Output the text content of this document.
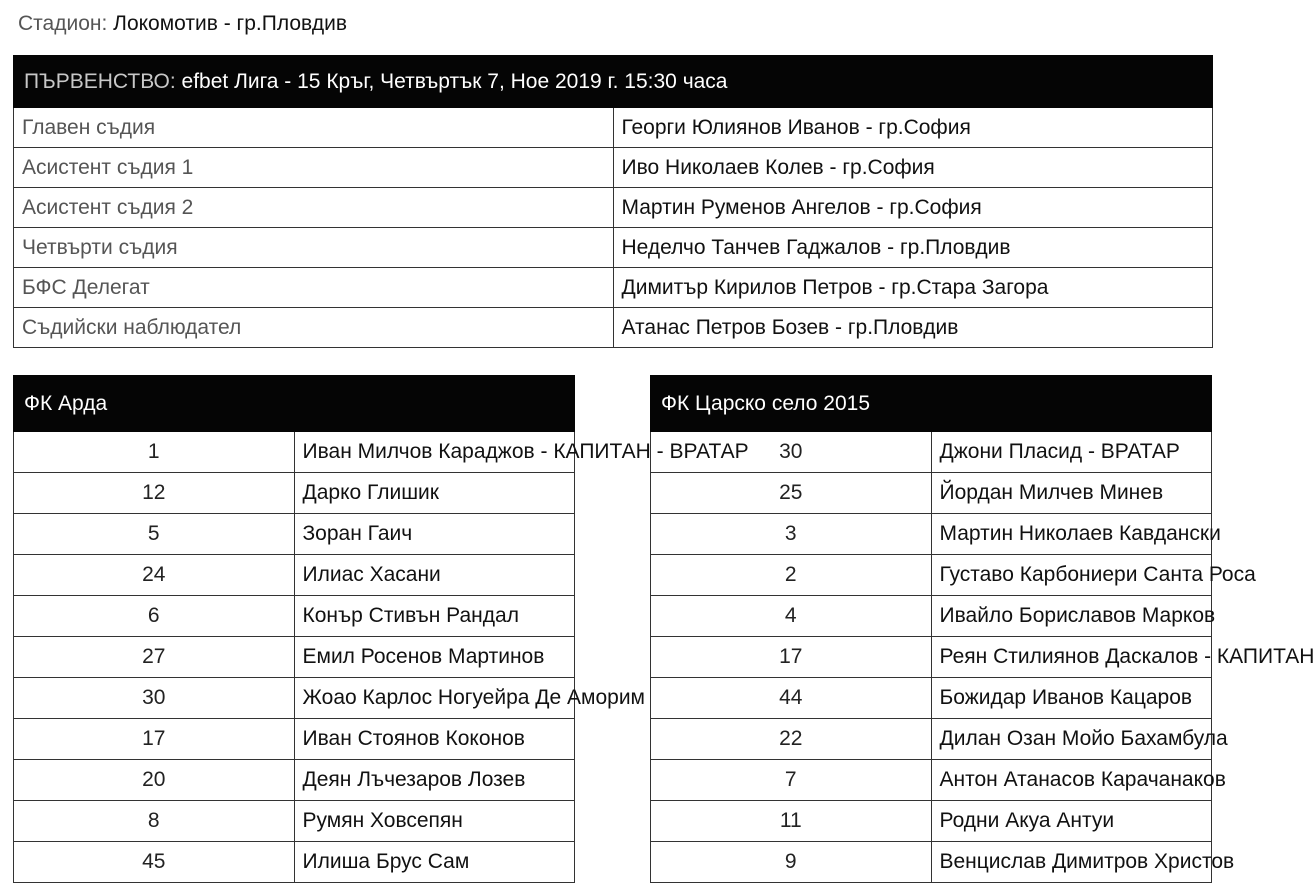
Стадион: Локомотив - гр.Пловдив
ПЪРВЕНСТВО: efbet Лига - 15 Кръг, Четвъртък 7, Ное 2019 г. 15:30 часа	
Главен съдия	Георги Юлиянов Иванов - гр.София
Асистент съдия 1	Иво Николаев Колев - гр.София
Асистент съдия 2	Мартин Руменов Ангелов - гр.София
Четвърти съдия	Неделчо Танчев Гаджалов - гр.Пловдив
БФС Делегат	Димитър Кирилов Петров - гр.Стара Загора
Съдийски наблюдател	Атанас Петров Бозев - гр.Пловдив
ФК Арда	
1	Иван Милчов Караджов - КАПИТАН - ВРАТАР
12	Дарко Глишик
5	Зоран Гаич
24	Илиас Хасани
6	Конър Стивън Рандал
27	Емил Росенов Мартинов
30	Жоао Карлос Ногуейра Де Аморим
17	Иван Стоянов Коконов
20	Деян Лъчезаров Лозев
8	Румян Ховсепян
45	Илиша Брус Сам
ФК Царско село 2015	
30	Джони Пласид - ВРАТАР
25	Йордан Милчев Минев
3	Мартин Николаев Кавдански
2	Густаво Карбониери Санта Роса
4	Ивайло Бориславов Марков
17	Реян Стилиянов Даскалов - КАПИТАН
44	Божидар Иванов Кацаров
22	Дилан Озан Мойо Бахамбула
7	Антон Атанасов Карачанаков
11	Родни Акуа Антуи
9	Венцислав Димитров Христов
